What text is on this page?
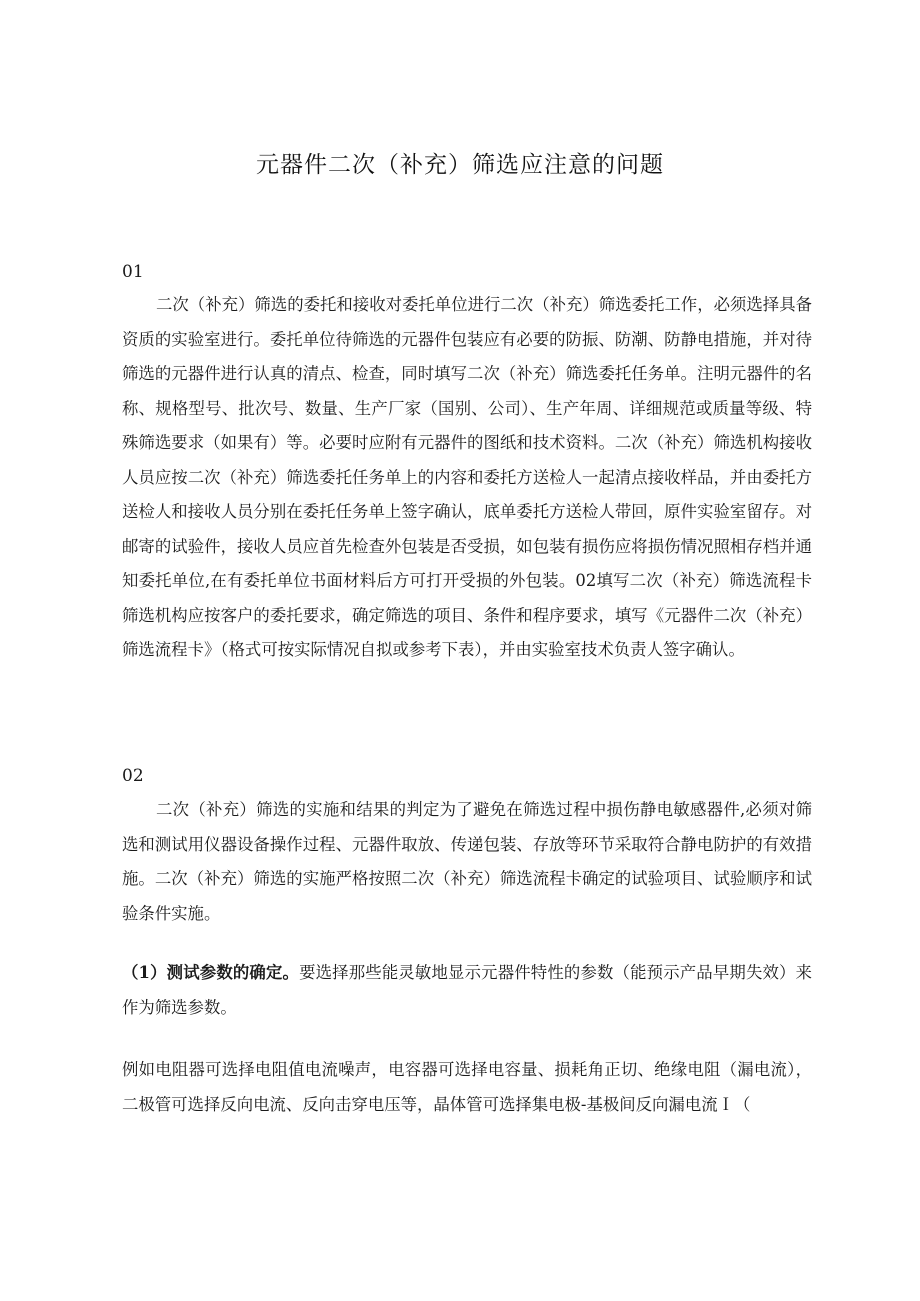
元器件二次（补充）筛选应注意的问题
01

二次（补充）筛选的委托和接收对委托单位进行二次（补充）筛选委托工作，必须选择具备资质的实验室进行。委托单位待筛选的元器件包装应有必要的防振、防潮、防静电措施，并对待筛选的元器件进行认真的清点、检查，同时填写二次（补充）筛选委托任务单。注明元器件的名称、规格型号、批次号、数量、生产厂家（国别、公司）、生产年周、详细规范或质量等级、特殊筛选要求（如果有）等。必要时应附有元器件的图纸和技术资料。二次（补充）筛选机构接收人员应按二次（补充）筛选委托任务单上的内容和委托方送检人一起清点接收样品，并由委托方送检人和接收人员分别在委托任务单上签字确认，底单委托方送检人带回，原件实验室留存。对邮寄的试验件，接收人员应首先检查外包装是否受损，如包装有损伤应将损伤情况照相存档并通知委托单位,在有委托单位书面材料后方可打开受损的外包装。02填写二次（补充）筛选流程卡筛选机构应按客户的委托要求，确定筛选的项目、条件和程序要求，填写《元器件二次（补充）筛选流程卡》（格式可按实际情况自拟或参考下表），并由实验室技术负责人签字确认。

02

二次（补充）筛选的实施和结果的判定为了避免在筛选过程中损伤静电敏感器件,必须对筛选和测试用仪器设备操作过程、元器件取放、传递包装、存放等环节采取符合静电防护的有效措施。二次（补充）筛选的实施严格按照二次（补充）筛选流程卡确定的试验项目、试验顺序和试验条件实施。

（1）测试参数的确定。要选择那些能灵敏地显示元器件特性的参数（能预示产品早期失效）来作为筛选参数。

例如电阻器可选择电阻值电流噪声，电容器可选择电容量、损耗角正切、绝缘电阻（漏电流），二极管可选择反向电流、反向击穿电压等，晶体管可选择集电极-基极间反向漏电流Ｉ（
